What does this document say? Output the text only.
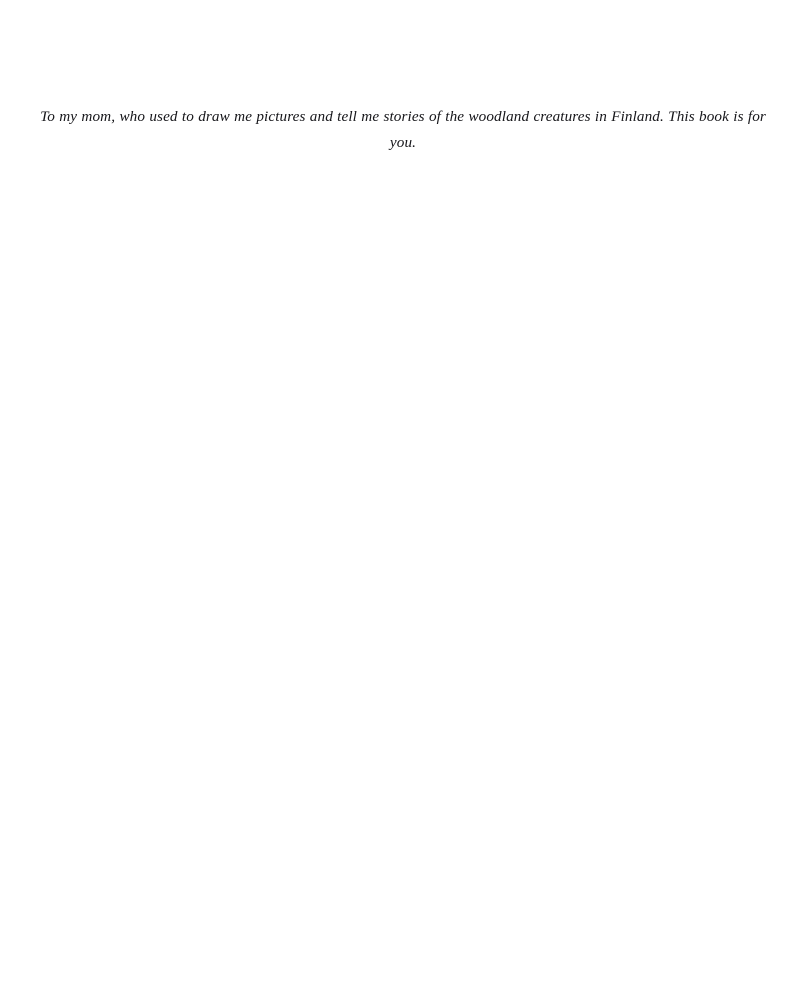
To my mom, who used to draw me pictures and tell me stories of the woodland creatures in Finland. This book is for you.
